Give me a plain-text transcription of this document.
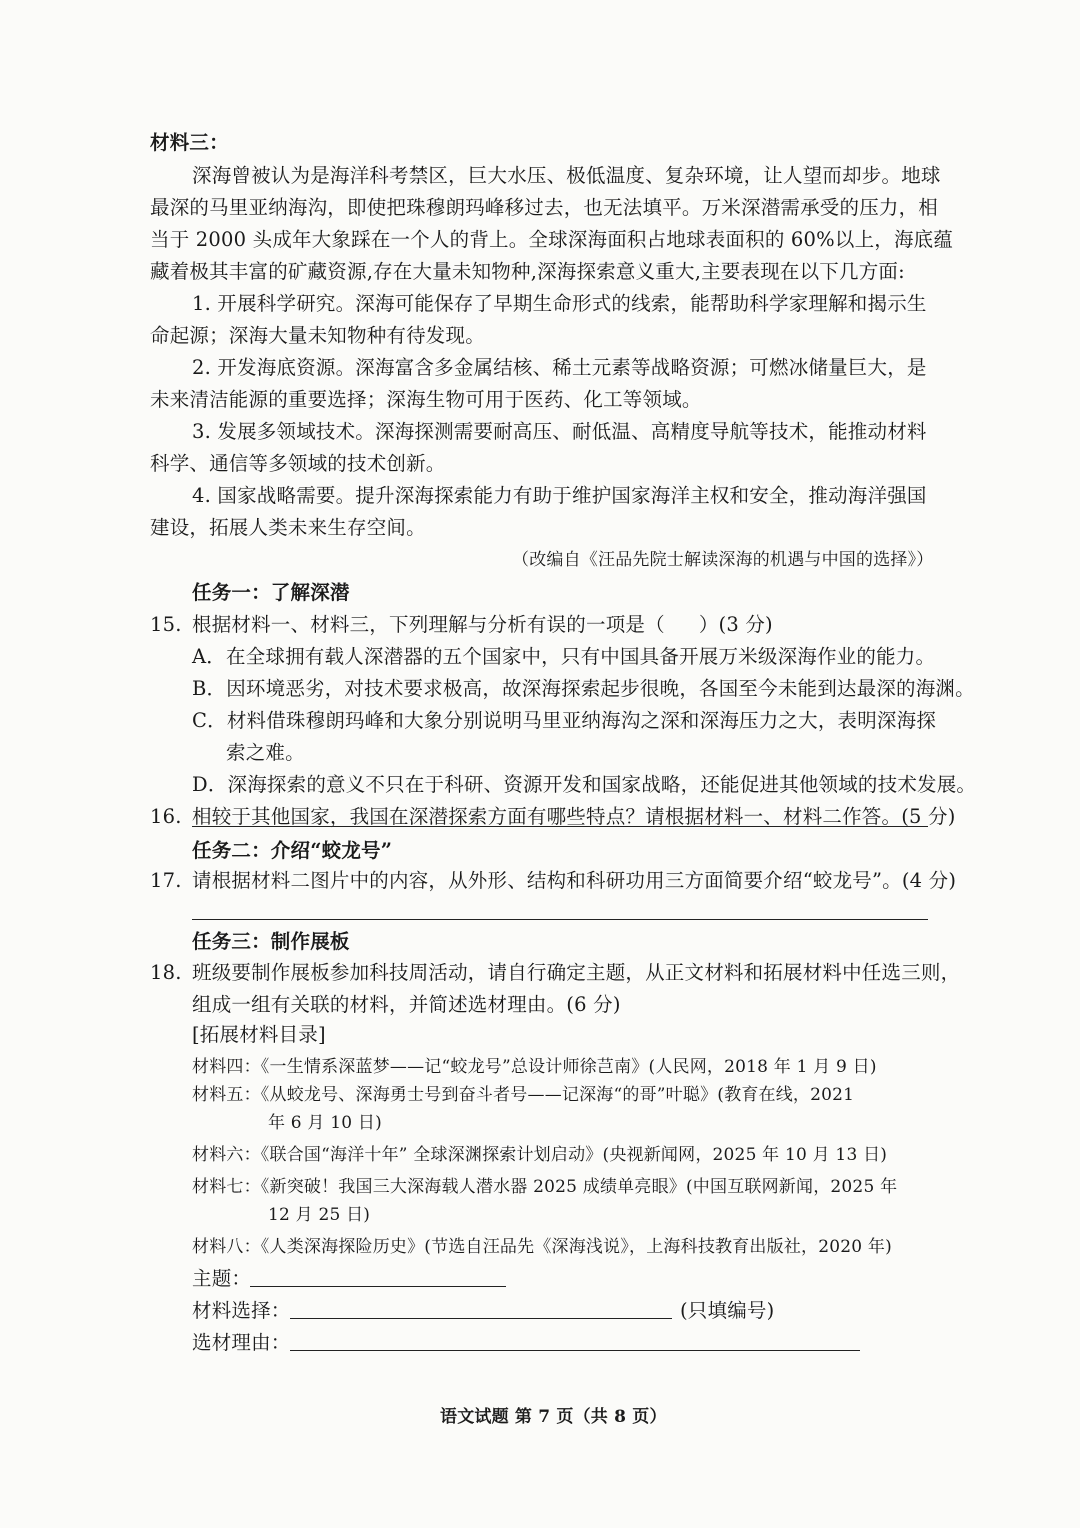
材料三：
深海曾被认为是海洋科考禁区，巨大水压、极低温度、复杂环境，让人望而却步。地球
最深的马里亚纳海沟，即使把珠穆朗玛峰移过去，也无法填平。万米深潜需承受的压力，相
当于 2000 头成年大象踩在一个人的背上。全球深海面积占地球表面积的 60%以上，海底蕴
藏着极其丰富的矿藏资源,存在大量未知物种,深海探索意义重大,主要表现在以下几方面:
1. 开展科学研究。深海可能保存了早期生命形式的线索，能帮助科学家理解和揭示生
命起源；深海大量未知物种有待发现。
2. 开发海底资源。深海富含多金属结核、稀土元素等战略资源；可燃冰储量巨大，是
未来清洁能源的重要选择；深海生物可用于医药、化工等领域。
3. 发展多领域技术。深海探测需要耐高压、耐低温、高精度导航等技术，能推动材料
科学、通信等多领域的技术创新。
4. 国家战略需要。提升深海探索能力有助于维护国家海洋主权和安全，推动海洋强国
建设，拓展人类未来生存空间。
（改编自《汪品先院士解读深海的机遇与中国的选择》）
任务一：了解深潜
15. 根据材料一、材料三，下列理解与分析有误的一项是（ ）(3 分)
A．在全球拥有载人深潜器的五个国家中，只有中国具备开展万米级深海作业的能力。
B．因环境恶劣，对技术要求极高，故深海探索起步很晚，各国至今未能到达最深的海渊。
C．材料借珠穆朗玛峰和大象分别说明马里亚纳海沟之深和深海压力之大，表明深海探
索之难。
D．深海探索的意义不只在于科研、资源开发和国家战略，还能促进其他领域的技术发展。
16. 相较于其他国家，我国在深潜探索方面有哪些特点？请根据材料一、材料二作答。(5 分)
任务二：介绍“蛟龙号”
17. 请根据材料二图片中的内容，从外形、结构和科研功用三方面简要介绍“蛟龙号”。(4 分)
任务三：制作展板
18. 班级要制作展板参加科技周活动，请自行确定主题，从正文材料和拓展材料中任选三则，
组成一组有关联的材料，并简述选材理由。(6 分)
[拓展材料目录]
材料四：《一生情系深蓝梦——记“蛟龙号”总设计师徐芑南》(人民网，2018 年 1 月 9 日)
材料五：《从蛟龙号、深海勇士号到奋斗者号——记深海“的哥”叶聪》(教育在线，2021
年 6 月 10 日)
材料六：《联合国“海洋十年” 全球深渊探索计划启动》(央视新闻网，2025 年 10 月 13 日)
材料七：《新突破！我国三大深海载人潜水器 2025 成绩单亮眼》(中国互联网新闻，2025 年
12 月 25 日)
材料八：《人类深海探险历史》(节选自汪品先《深海浅说》，上海科技教育出版社，2020 年)
主题：
材料选择：	(只填编号)
选材理由：
语文试题 第 7 页（共 8 页）
